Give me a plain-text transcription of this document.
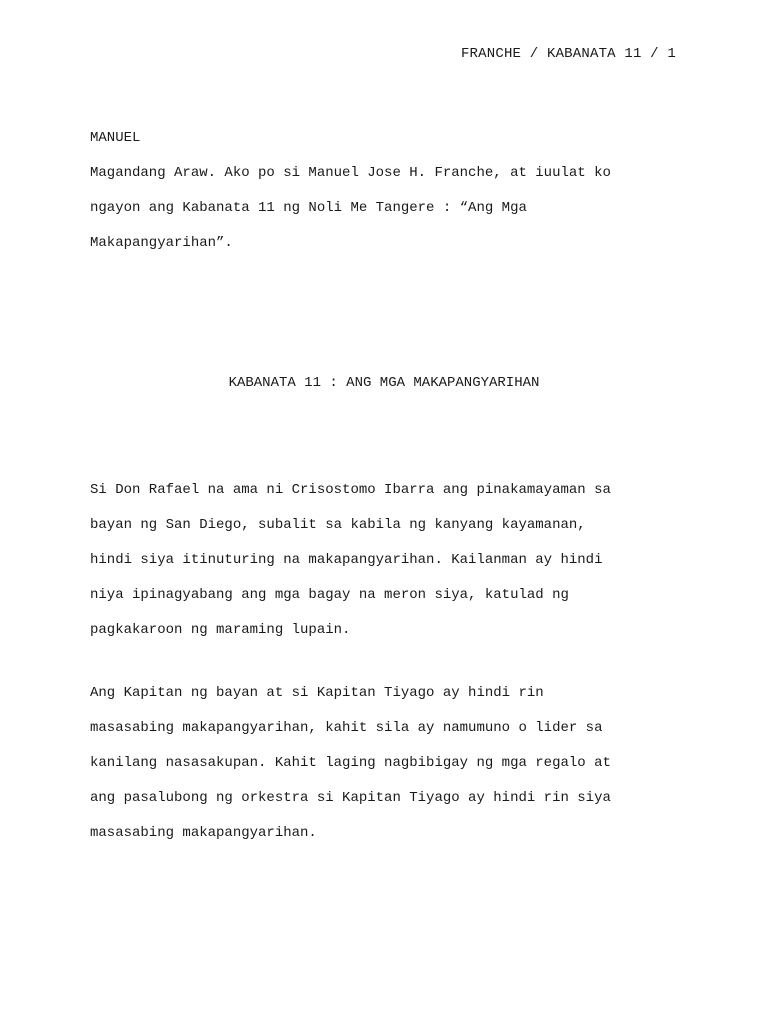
FRANCHE / KABANATA 11 / 1
MANUEL
Magandang Araw. Ako po si Manuel Jose H. Franche, at iuulat ko
ngayon ang Kabanata 11 ng Noli Me Tangere : “Ang Mga
Makapangyarihan”.
KABANATA 11 : ANG MGA MAKAPANGYARIHAN
Si Don Rafael na ama ni Crisostomo Ibarra ang pinakamayaman sa
bayan ng San Diego, subalit sa kabila ng kanyang kayamanan,
hindi siya itinuturing na makapangyarihan. Kailanman ay hindi
niya ipinagyabang ang mga bagay na meron siya, katulad ng
pagkakaroon ng maraming lupain.
Ang Kapitan ng bayan at si Kapitan Tiyago ay hindi rin
masasabing makapangyarihan, kahit sila ay namumuno o lider sa
kanilang nasasakupan. Kahit laging nagbibigay ng mga regalo at
ang pasalubong ng orkestra si Kapitan Tiyago ay hindi rin siya
masasabing makapangyarihan.
